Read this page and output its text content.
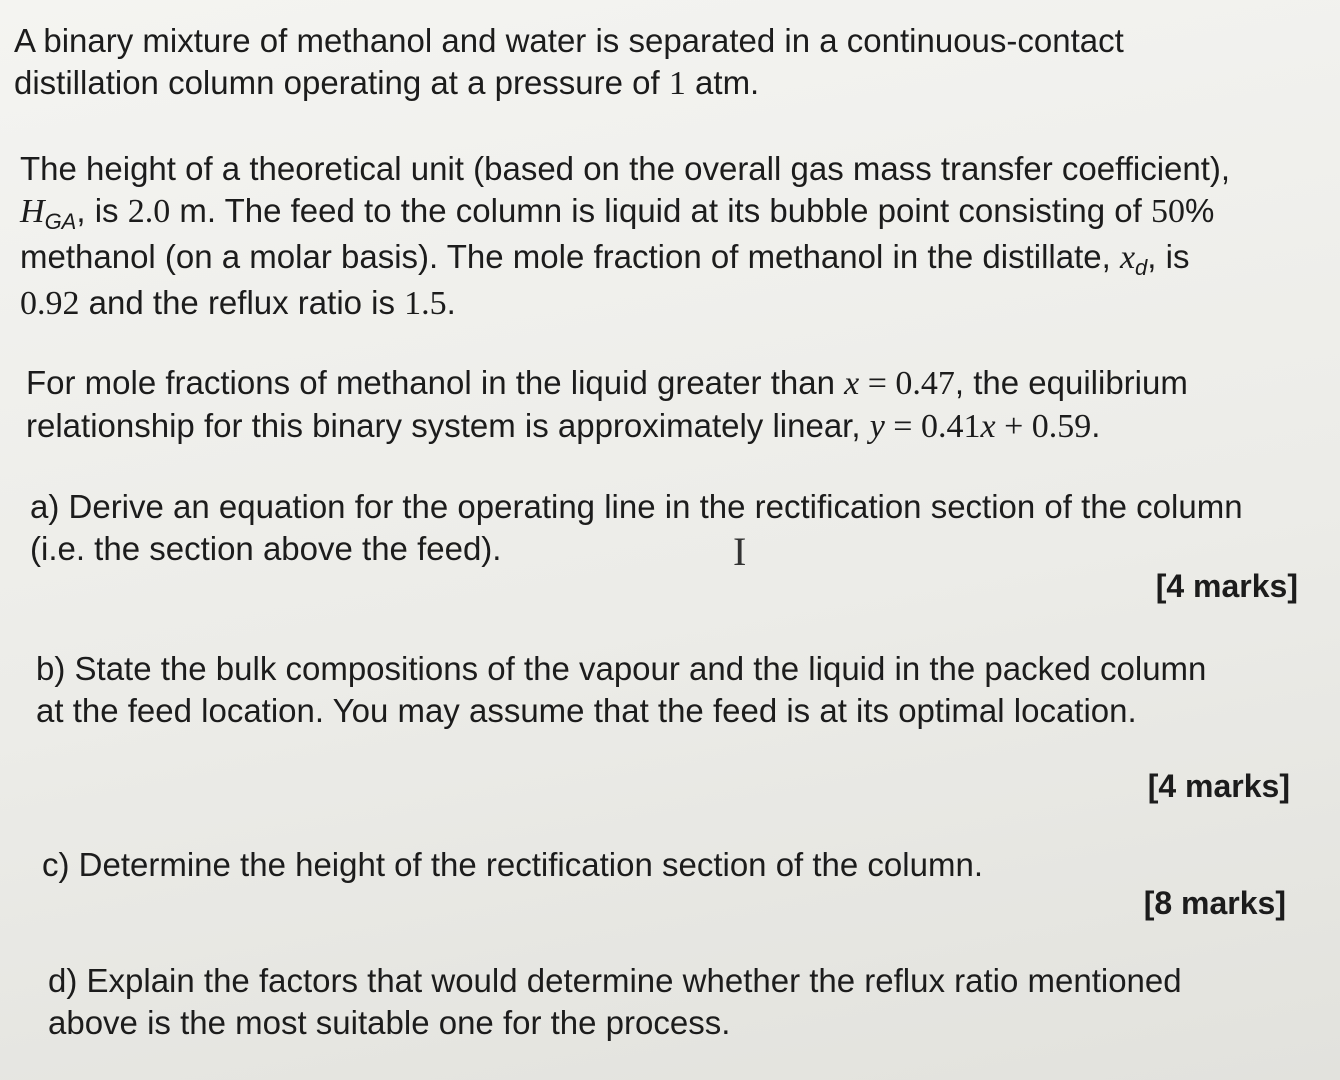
A binary mixture of methanol and water is separated in a continuous-contact
distillation column operating at a pressure of 1 atm.
The height of a theoretical unit (based on the overall gas mass transfer coefficient),
$H_{GA}$, is 2.0 m. The feed to the column is liquid at its bubble point consisting of 50%
methanol (on a molar basis). The mole fraction of methanol in the distillate, $x_d$, is
0.92 and the reflux ratio is 1.5.
For mole fractions of methanol in the liquid greater than x = 0.47, the equilibrium
relationship for this binary system is approximately linear, y = 0.41x + 0.59.
a) Derive an equation for the operating line in the rectification section of the column
(i.e. the section above the feed).	I
[4 marks]
b) State the bulk compositions of the vapour and the liquid in the packed column
at the feed location. You may assume that the feed is at its optimal location.
[4 marks]
c) Determine the height of the rectification section of the column.
[8 marks]
d) Explain the factors that would determine whether the reflux ratio mentioned
above is the most suitable one for the process.
